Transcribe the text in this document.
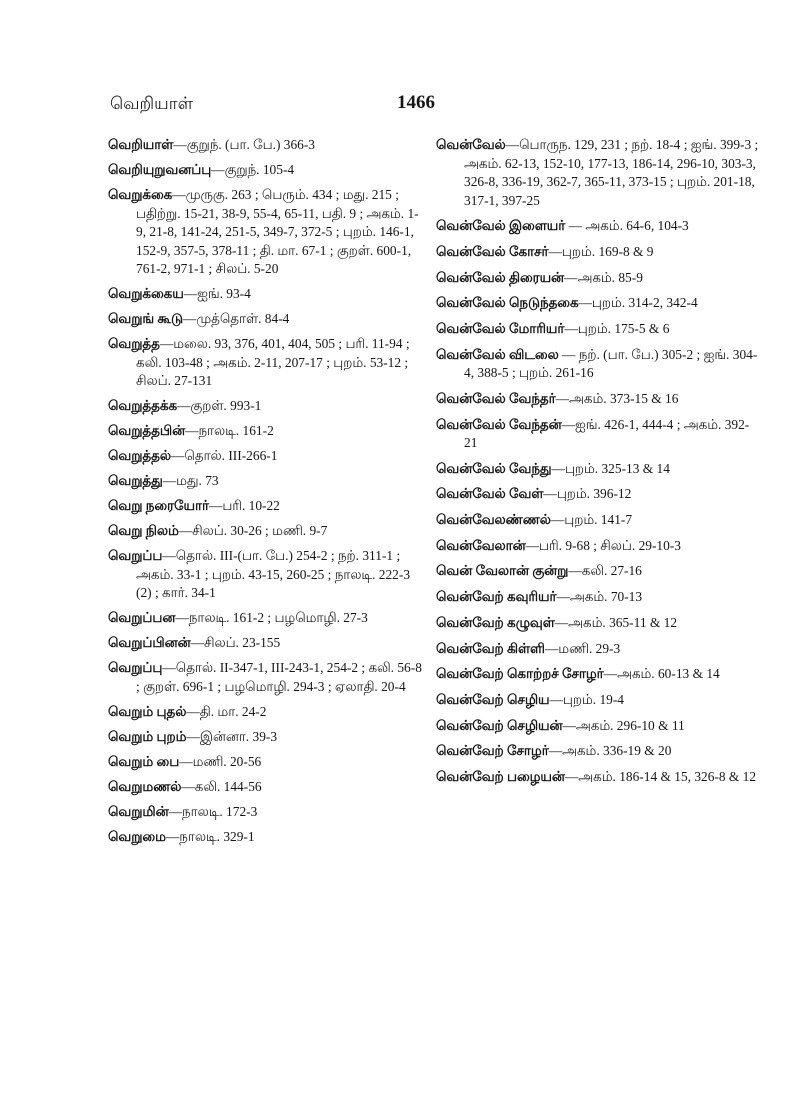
வெறியாள்	1466
வெறியாள்—குறுந். (பா. பே.) 366-3
வெறியுறுவனப்பு—குறுந். 105-4
வெறுக்கை—முருகு. 263 ; பெரும். 434 ; மது. 215 ; பதிற்று. 15-21, 38-9, 55-4, 65-11, பதி. 9 ; அகம். 1-9, 21-8, 141-24, 251-5, 349-7, 372-5 ; புறம். 146-1, 152-9, 357-5, 378-11 ; தி. மா. 67-1 ; குறள். 600-1, 761-2, 971-1 ; சிலப். 5-20
வெறுக்கைய—ஐங். 93-4
வெறுங் கூடு—முத்தொள். 84-4
வெறுத்த—மலை. 93, 376, 401, 404, 505 ; பரி. 11-94 ; கலி. 103-48 ; அகம். 2-11, 207-17 ; புறம். 53-12 ; சிலப். 27-131
வெறுத்தக்க—குறள். 993-1
வெறுத்தபின்—நாலடி. 161-2
வெறுத்தல்—தொல். III-266-1
வெறுத்து—மது. 73
வெறு நரையோர்—பரி. 10-22
வெறு நிலம்—சிலப். 30-26 ; மணி. 9-7
வெறுப்ப—தொல். III-(பா. பே.) 254-2 ; நற். 311-1 ; அகம். 33-1 ; புறம். 43-15, 260-25 ; நாலடி. 222-3 (2) ; கார். 34-1
வெறுப்பன—நாலடி. 161-2 ; பழமொழி. 27-3
வெறுப்பினன்—சிலப். 23-155
வெறுப்பு—தொல். II-347-1, III-243-1, 254-2 ; கலி. 56-8 ; குறள். 696-1 ; பழமொழி. 294-3 ; ஏலாதி. 20-4
வெறும் புதல்—தி. மா. 24-2
வெறும் புறம்—இன்னா. 39-3
வெறும் பை—மணி. 20-56
வெறுமணல்—கலி. 144-56
வெறுமின்—நாலடி. 172-3
வெறுமை—நாலடி. 329-1
வென்வேல்—பொருந. 129, 231 ; நற். 18-4 ; ஐங். 399-3 ; அகம். 62-13, 152-10, 177-13, 186-14, 296-10, 303-3, 326-8, 336-19, 362-7, 365-11, 373-15 ; புறம். 201-18, 317-1, 397-25
வென்வேல் இளையர் — அகம். 64-6, 104-3
வென்வேல் கோசர்—புறம். 169-8 & 9
வென்வேல் திரையன்—அகம். 85-9
வென்வேல் நெடுந்தகை—புறம். 314-2, 342-4
வென்வேல் மோரியர்—புறம். 175-5 & 6
வென்வேல் விடலை — நற். (பா. பே.) 305-2 ; ஐங். 304-4, 388-5 ; புறம். 261-16
வென்வேல் வேந்தர்—அகம். 373-15 & 16
வென்வேல் வேந்தன்—ஐங். 426-1, 444-4 ; அகம். 392-21
வென்வேல் வேந்து—புறம். 325-13 & 14
வென்வேல் வேள்—புறம். 396-12
வென்வேலண்ணல்—புறம். 141-7
வென்வேலான்—பரி. 9-68 ; சிலப். 29-10-3
வென் வேலான் குன்று—கலி. 27-16
வென்வேற் கவுரியர்—அகம். 70-13
வென்வேற் கழுவுள்—அகம். 365-11 & 12
வென்வேற் கிள்ளி—மணி. 29-3
வென்வேற் கொற்றச் சோழர்—அகம். 60-13 & 14
வென்வேற் செழிய—புறம். 19-4
வென்வேற் செழியன்—அகம். 296-10 & 11
வென்வேற் சோழர்—அகம். 336-19 & 20
வென்வேற் பழையன்—அகம். 186-14 & 15, 326-8 & 12
